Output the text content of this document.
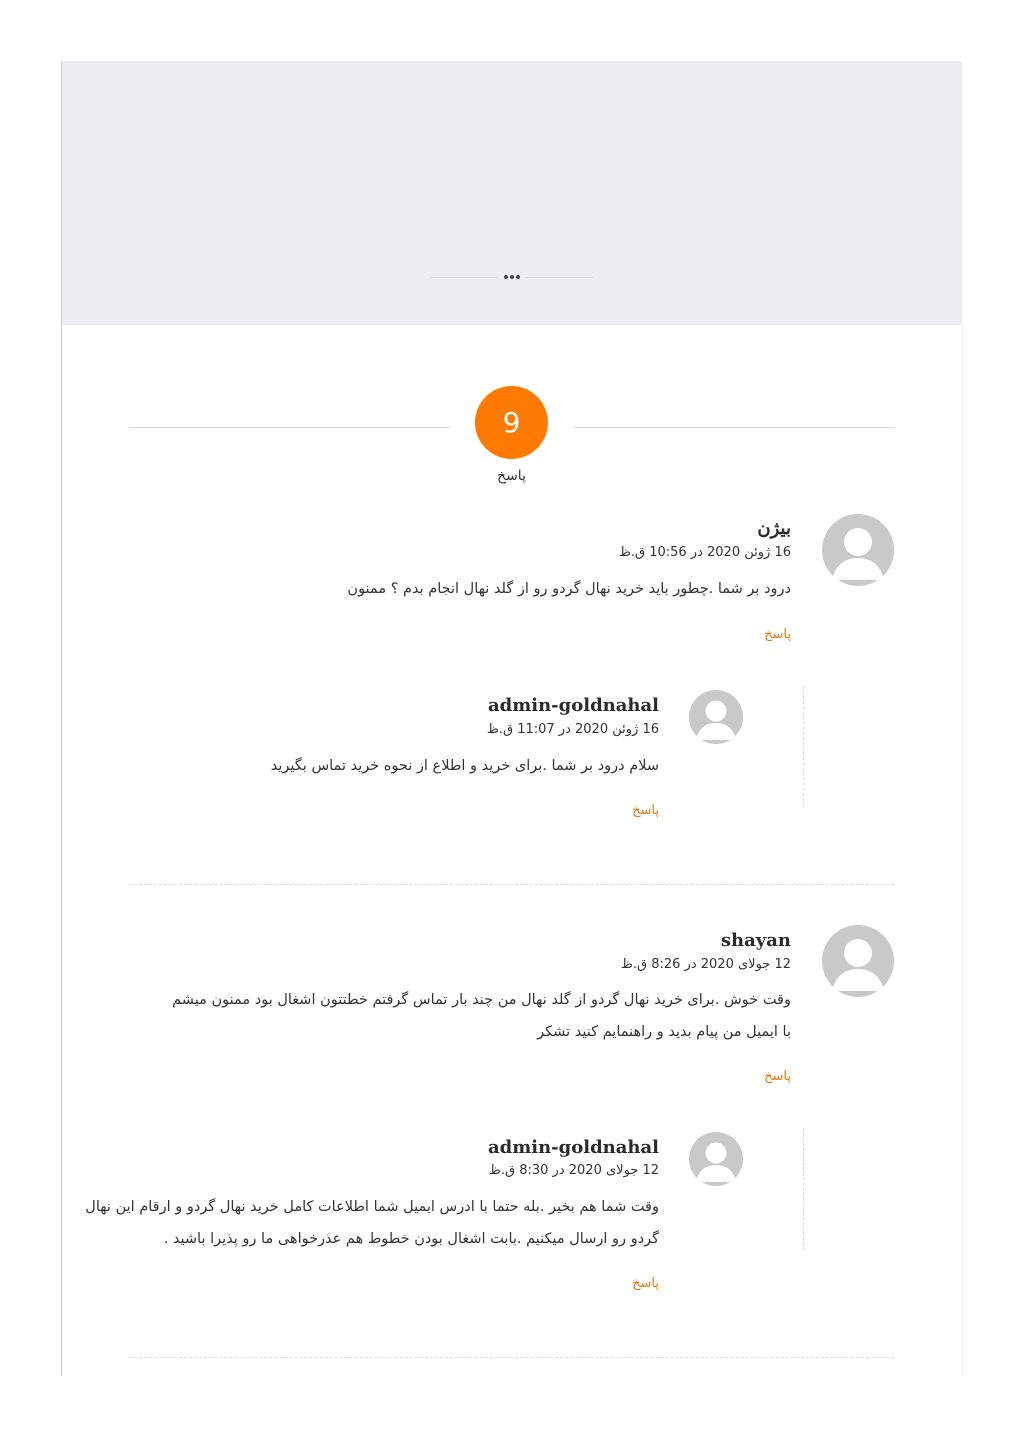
9
پاسخ
بیژن
16 ژوئن 2020 در 10:56 ق.ظ
درود بر شما .چطور باید خرید نهال گردو رو از گلد نهال انجام بدم ؟ ممنون
پاسخ
admin-goldnahal
16 ژوئن 2020 در 11:07 ق.ظ
سلام درود بر شما .برای خرید و اطلاع از نحوه خرید تماس بگیرید
پاسخ
shayan
12 جولای 2020 در 8:26 ق.ظ
وقت خوش .برای خرید نهال گردو از گلد نهال من چند بار تماس گرفتم خطتتون اشغال بود ممنون میشم
با ایمیل من پیام بدید و راهنمایم کنید تشکر
پاسخ
admin-goldnahal
12 جولای 2020 در 8:30 ق.ظ
وقت شما هم بخیر .بله حتما با ادرس ایمیل شما اطلاعات کامل خرید نهال گردو و ارقام این نهال
گردو رو ارسال میکنیم .بابت اشغال بودن خطوط هم عذرخواهی ما رو پذیرا باشید .
پاسخ
